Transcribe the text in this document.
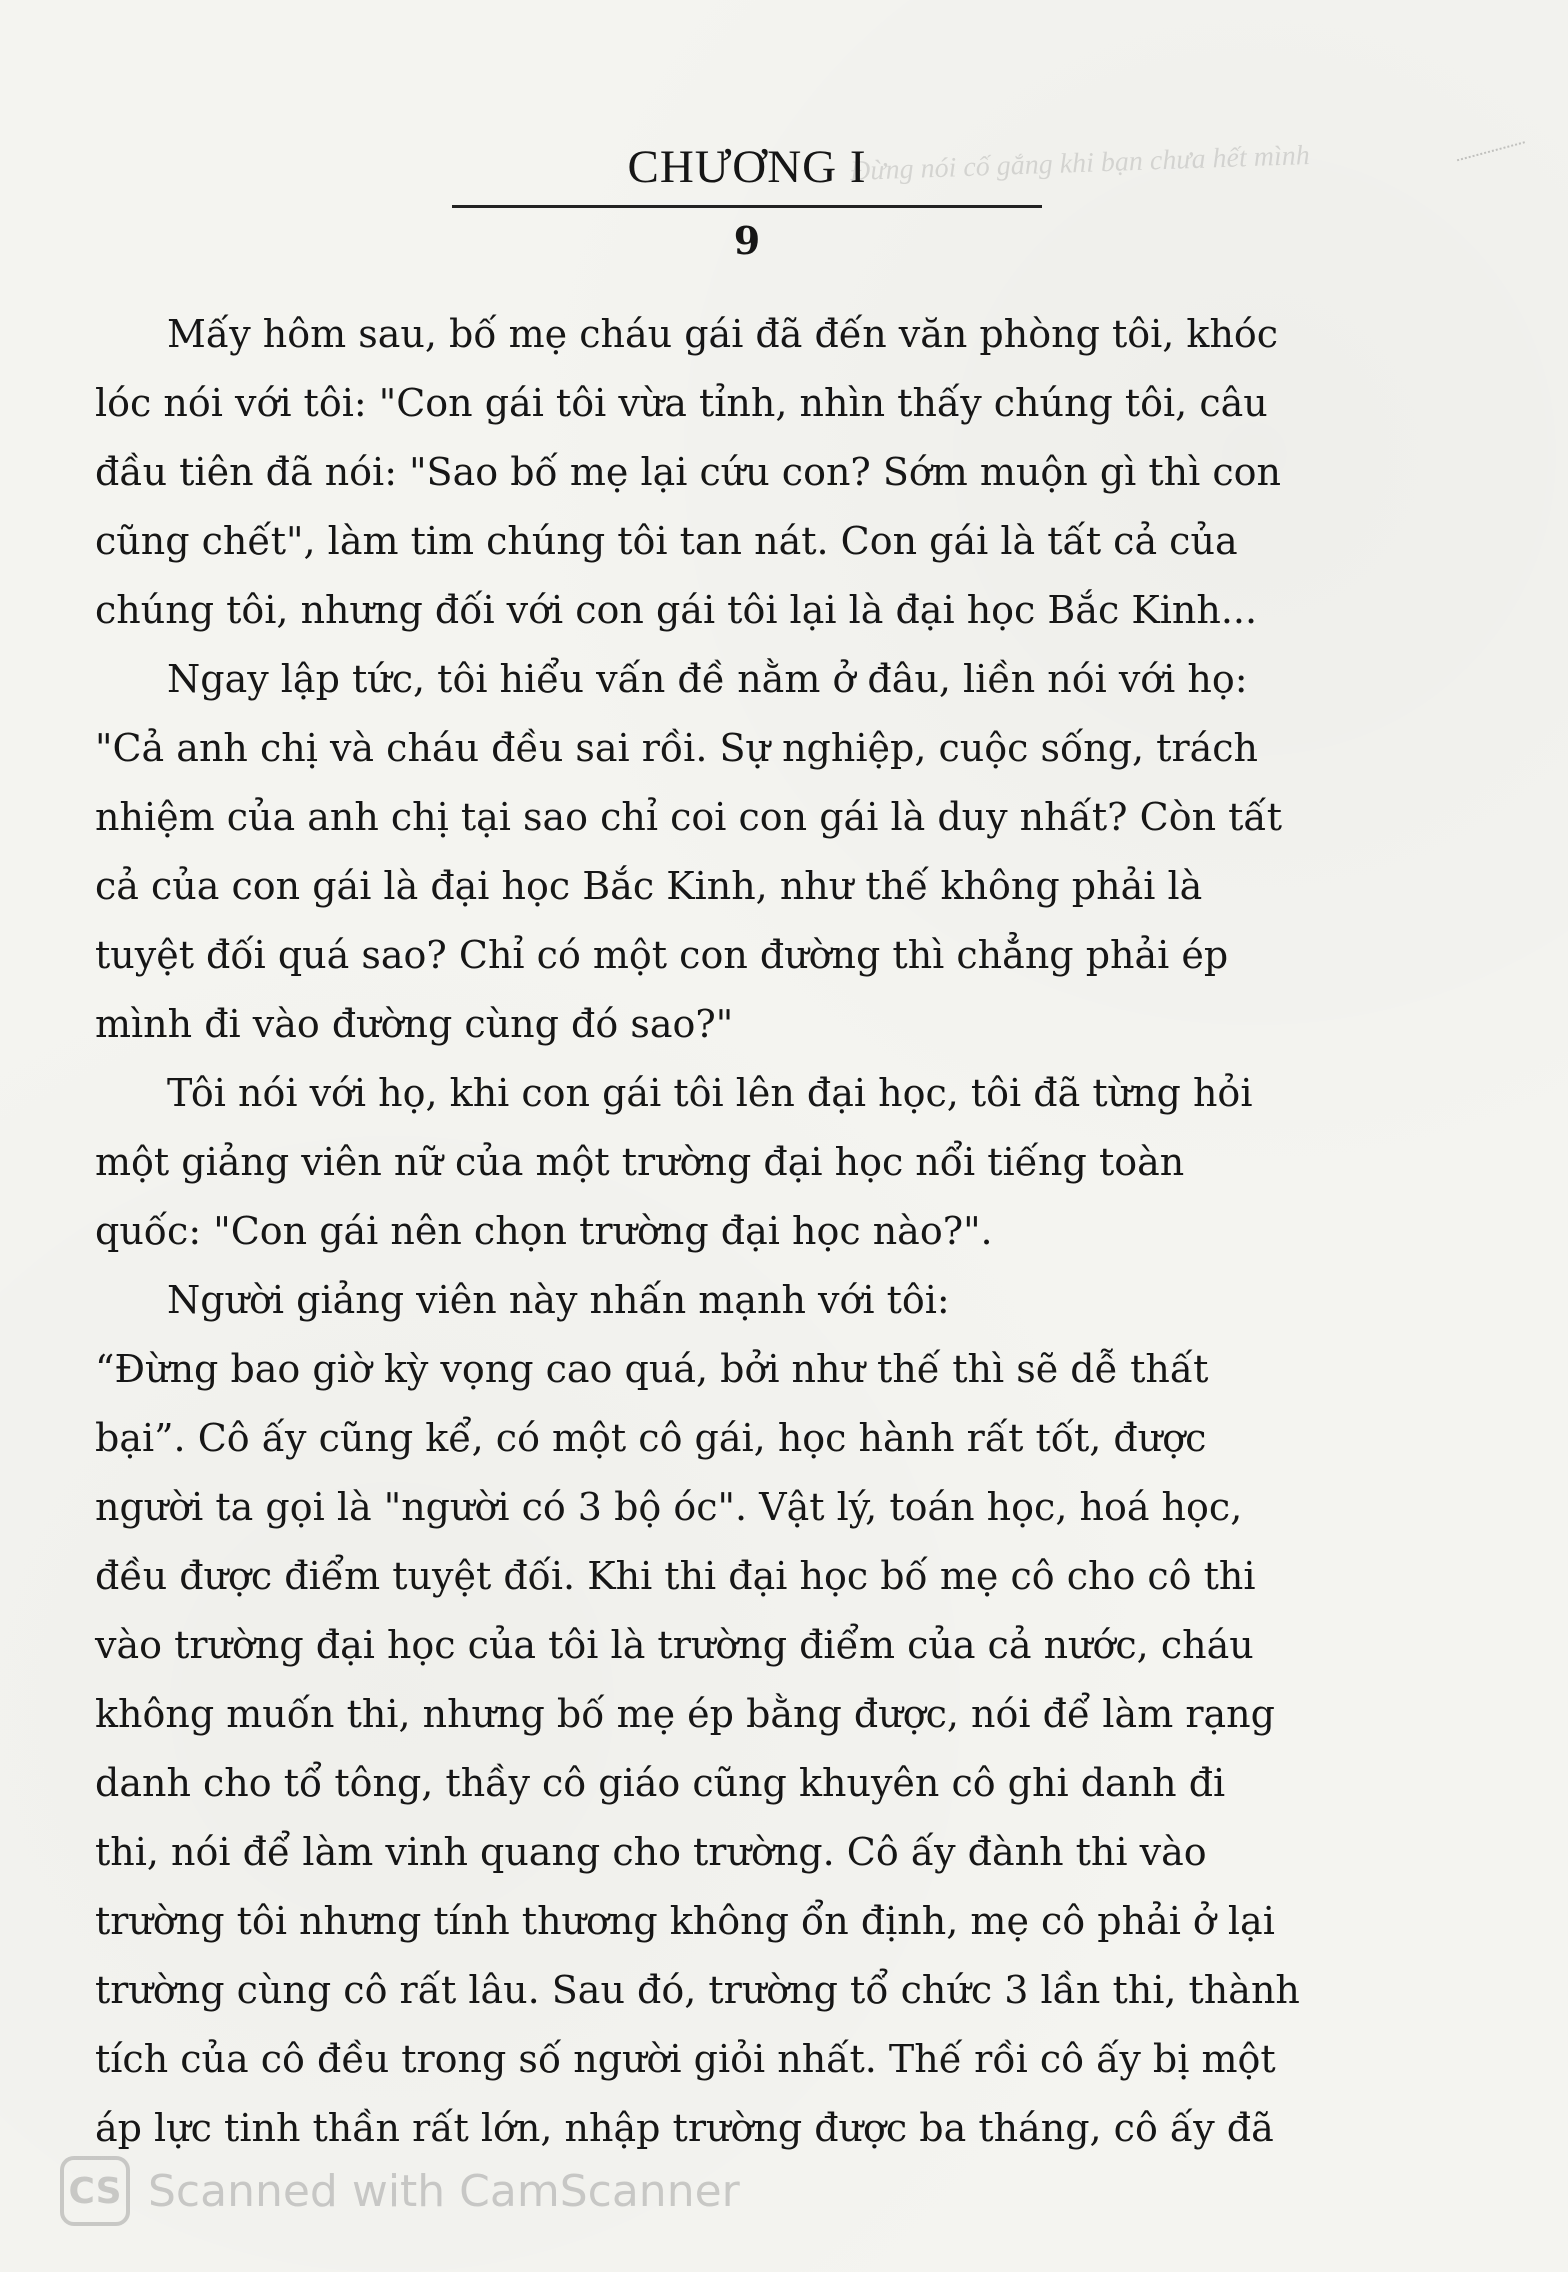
Đừng nói cố gắng khi bạn chưa hết mình
CHƯƠNG I
9
Mấy hôm sau, bố mẹ cháu gái đã đến văn phòng tôi, khóc
lóc nói với tôi: "Con gái tôi vừa tỉnh, nhìn thấy chúng tôi, câu
đầu tiên đã nói: "Sao bố mẹ lại cứu con? Sớm muộn gì thì con
cũng chết", làm tim chúng tôi tan nát. Con gái là tất cả của
chúng tôi, nhưng đối với con gái tôi lại là đại học Bắc Kinh...
Ngay lập tức, tôi hiểu vấn đề nằm ở đâu, liền nói với họ:
"Cả anh chị và cháu đều sai rồi. Sự nghiệp, cuộc sống, trách
nhiệm của anh chị tại sao chỉ coi con gái là duy nhất? Còn tất
cả của con gái là đại học Bắc Kinh, như thế không phải là
tuyệt đối quá sao? Chỉ có một con đường thì chẳng phải ép
mình đi vào đường cùng đó sao?"
Tôi nói với họ, khi con gái tôi lên đại học, tôi đã từng hỏi
một giảng viên nữ của một trường đại học nổi tiếng toàn
quốc: "Con gái nên chọn trường đại học nào?".
Người giảng viên này nhấn mạnh với tôi:
“Đừng bao giờ kỳ vọng cao quá, bởi như thế thì sẽ dễ thất
bại”. Cô ấy cũng kể, có một cô gái, học hành rất tốt, được
người ta gọi là "người có 3 bộ óc". Vật lý, toán học, hoá học,
đều được điểm tuyệt đối. Khi thi đại học bố mẹ cô cho cô thi
vào trường đại học của tôi là trường điểm của cả nước, cháu
không muốn thi, nhưng bố mẹ ép bằng được, nói để làm rạng
danh cho tổ tông, thầy cô giáo cũng khuyên cô ghi danh đi
thi, nói để làm vinh quang cho trường. Cô ấy đành thi vào
trường tôi nhưng tính thương không ổn định, mẹ cô phải ở lại
trường cùng cô rất lâu. Sau đó, trường tổ chức 3 lần thi, thành
tích của cô đều trong số người giỏi nhất. Thế rồi cô ấy bị một
áp lực tinh thần rất lớn, nhập trường được ba tháng, cô ấy đã
CS Scanned with CamScanner
